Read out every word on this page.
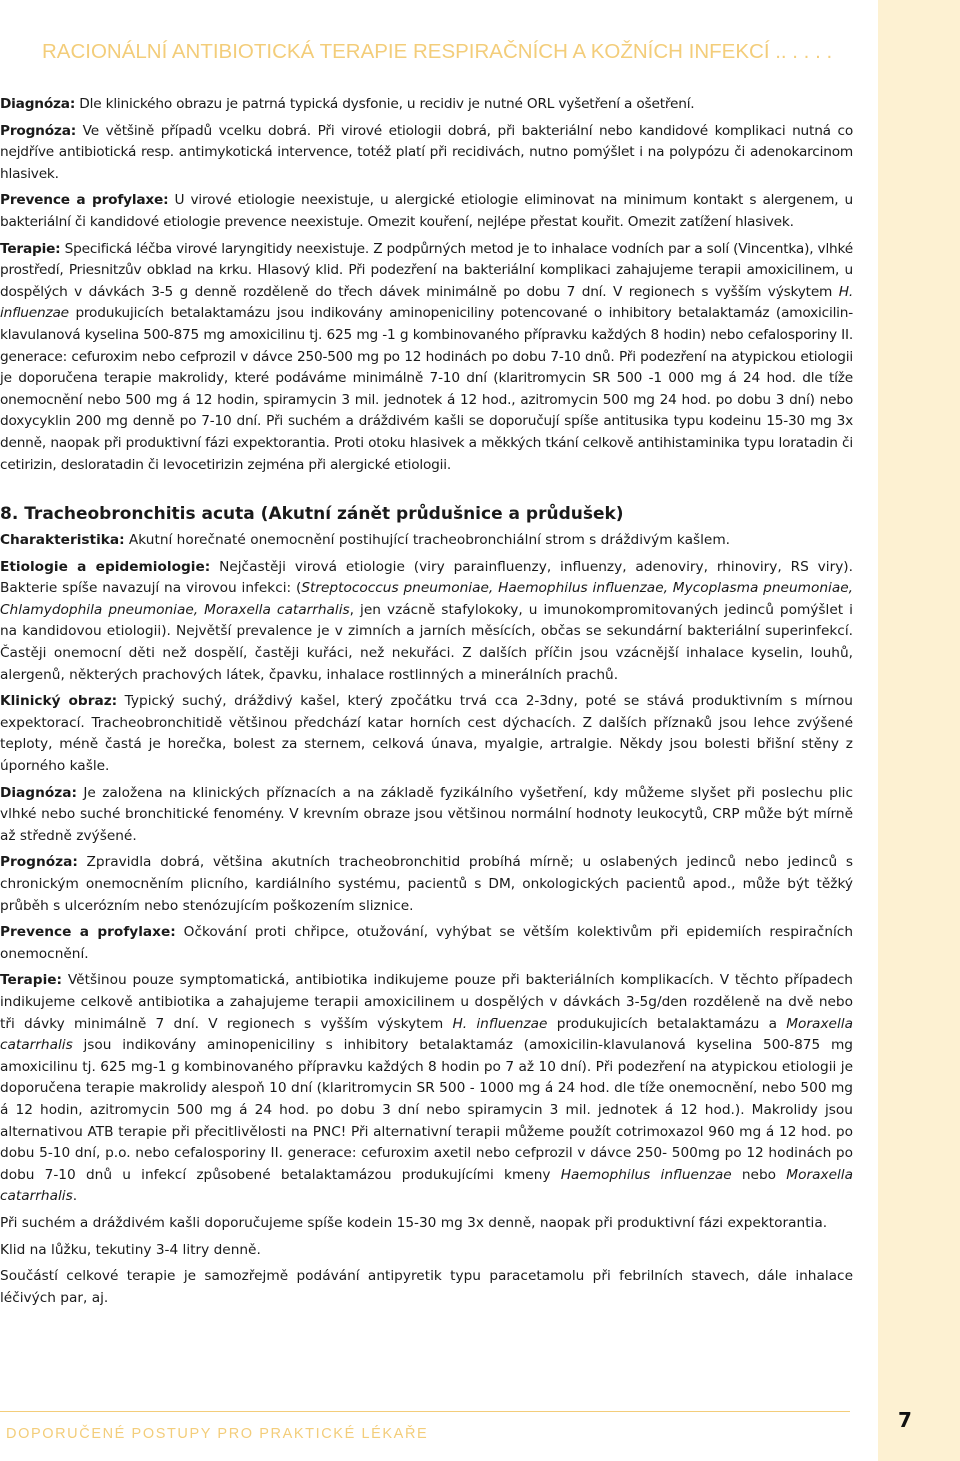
RACIONÁLNÍ ANTIBIOTICKÁ TERAPIE RESPIRAČNÍCH A KOŽNÍCH INFEKCÍ .. . . . .

Diagnóza: Dle klinického obrazu je patrná typická dysfonie, u recidiv je nutné ORL vyšetření a ošetření.

Prognóza: Ve většině případů vcelku dobrá. Při virové etiologii dobrá, při bakteriální nebo kandidové komplikaci nutná co nejdříve antibiotická resp. antimykotická intervence, totéž platí při recidivách, nutno pomýšlet i na polypózu či adenokarcinom hlasivek.

Prevence a profylaxe: U virové etiologie neexistuje, u alergické etiologie eliminovat na minimum kontakt s alergenem, u bakteriální či kandidové etiologie prevence neexistuje. Omezit kouření, nejlépe přestat kouřit. Omezit zatížení hlasivek.

Terapie: Specifická léčba virové laryngitidy neexistuje. Z podpůrných metod je to inhalace vodních par a solí (Vincentka), vlhké prostředí, Priesnitzův obklad na krku. Hlasový klid. Při podezření na bakteriální komplikaci zahajujeme terapii amoxicilinem, u dospělých v dávkách 3-5 g denně rozděleně do třech dávek minimálně po dobu 7 dní. V regionech s vyšším výskytem H. influenzae produkujicích betalaktamázu jsou indikovány aminopeniciliny potencované o inhibitory betalaktamáz (amoxicilin-klavulanová kyselina 500-875 mg amoxicilinu tj. 625 mg -1 g kombinovaného přípravku každých 8 hodin) nebo cefalosporiny II. generace: cefuroxim nebo cefprozil v dávce 250-500 mg po 12 hodinách po dobu 7-10 dnů. Při podezření na atypickou etiologii je doporučena terapie makrolidy, které podáváme minimálně 7-10 dní (klaritromycin SR 500 -1 000 mg á 24 hod. dle tíže onemocnění nebo 500 mg á 12 hodin, spiramycin 3 mil. jednotek á 12 hod., azitromycin 500 mg 24 hod. po dobu 3 dní) nebo doxycyklin 200 mg denně po 7-10 dní. Při suchém a dráždivém kašli se doporučují spíše antitusika typu kodeinu 15-30 mg 3x denně, naopak při produktivní fázi expektorantia. Proti otoku hlasivek a měkkých tkání celkově antihistaminika typu loratadin či cetirizin, desloratadin či levocetirizin zejména při alergické etiologii.

8. Tracheobronchitis acuta (Akutní zánět průdušnice a průdušek)

Charakteristika: Akutní horečnaté onemocnění postihující tracheobronchiální strom s dráždivým kašlem.

Etiologie a epidemiologie: Nejčastěji virová etiologie (viry parainfluenzy, influenzy, adenoviry, rhinoviry, RS viry). Bakterie spíše navazují na virovou infekci: (Streptococcus pneumoniae, Haemophilus influenzae, Mycoplasma pneumoniae, Chlamydophila pneumoniae, Moraxella catarrhalis, jen vzácně stafylokoky, u imunokompromitovaných jedinců pomýšlet i na kandidovou etiologii). Největší prevalence je v zimních a jarních měsících, občas se sekundární bakteriální superinfekcí. Častěji onemocní děti než dospělí, častěji kuřáci, než nekuřáci. Z dalších příčin jsou vzácnější inhalace kyselin, louhů, alergenů, některých prachových látek, čpavku, inhalace rostlinných a minerálních prachů.

Klinický obraz: Typický suchý, dráždivý kašel, který zpočátku trvá cca 2-3dny, poté se stává produktivním s mírnou expektorací. Tracheobronchitidě většinou předchází katar horních cest dýchacích. Z dalších příznaků jsou lehce zvýšené teploty, méně častá je horečka, bolest za sternem, celková únava, myalgie, artralgie. Někdy jsou bolesti břišní stěny z úporného kašle.

Diagnóza: Je založena na klinických příznacích a na základě fyzikálního vyšetření, kdy můžeme slyšet při poslechu plic vlhké nebo suché bronchitické fenomény. V krevním obraze jsou většinou normální hodnoty leukocytů, CRP může být mírně až středně zvýšené.

Prognóza: Zpravidla dobrá, většina akutních tracheobronchitid probíhá mírně; u oslabených jedinců nebo jedinců s chronickým onemocněním plicního, kardiálního systému, pacientů s DM, onkologických pacientů apod., může být těžký průběh s ulcerózním nebo stenózujícím poškozením sliznice.

Prevence a profylaxe: Očkování proti chřipce, otužování, vyhýbat se větším kolektivům při epidemiích respiračních onemocnění.

Terapie: Většinou pouze symptomatická, antibiotika indikujeme pouze při bakteriálních komplikacích. V těchto případech indikujeme celkově antibiotika a zahajujeme terapii amoxicilinem u dospělých v dávkách 3-5g/den rozděleně na dvě nebo tři dávky minimálně 7 dní. V regionech s vyšším výskytem H. influenzae produkujicích betalaktamázu a Moraxella catarrhalis jsou indikovány aminopeniciliny s inhibitory betalaktamáz (amoxicilin-klavulanová kyselina 500-875 mg amoxicilinu tj. 625 mg-1 g kombinovaného přípravku každých 8 hodin po 7 až 10 dní). Při podezření na atypickou etiologii je doporučena terapie makrolidy alespoň 10 dní (klaritromycin SR 500 - 1000 mg á 24 hod. dle tíže onemocnění, nebo 500 mg á 12 hodin, azitromycin 500 mg á 24 hod. po dobu 3 dní nebo spiramycin 3 mil. jednotek á 12 hod.). Makrolidy jsou alternativou ATB terapie při přecitlivělosti na PNC! Při alternativní terapii můžeme použít cotrimoxazol 960 mg á 12 hod. po dobu 5-10 dní, p.o. nebo cefalosporiny II. generace: cefuroxim axetil nebo cefprozil v dávce 250- 500mg po 12 hodinách po dobu 7-10 dnů u infekcí způsobené betalaktamázou produkujícími kmeny Haemophilus influenzae nebo Moraxella catarrhalis.

Při suchém a dráždivém kašli doporučujeme spíše kodein 15-30 mg 3x denně, naopak při produktivní fázi expektorantia.

Klid na lůžku, tekutiny 3-4 litry denně.

Součástí celkové terapie je samozřejmě podávání antipyretik typu paracetamolu při febrilních stavech, dále inhalace léčivých par, aj.

DOPORUČENÉ POSTUPY PRO PRAKTICKÉ LÉKAŘE
7
